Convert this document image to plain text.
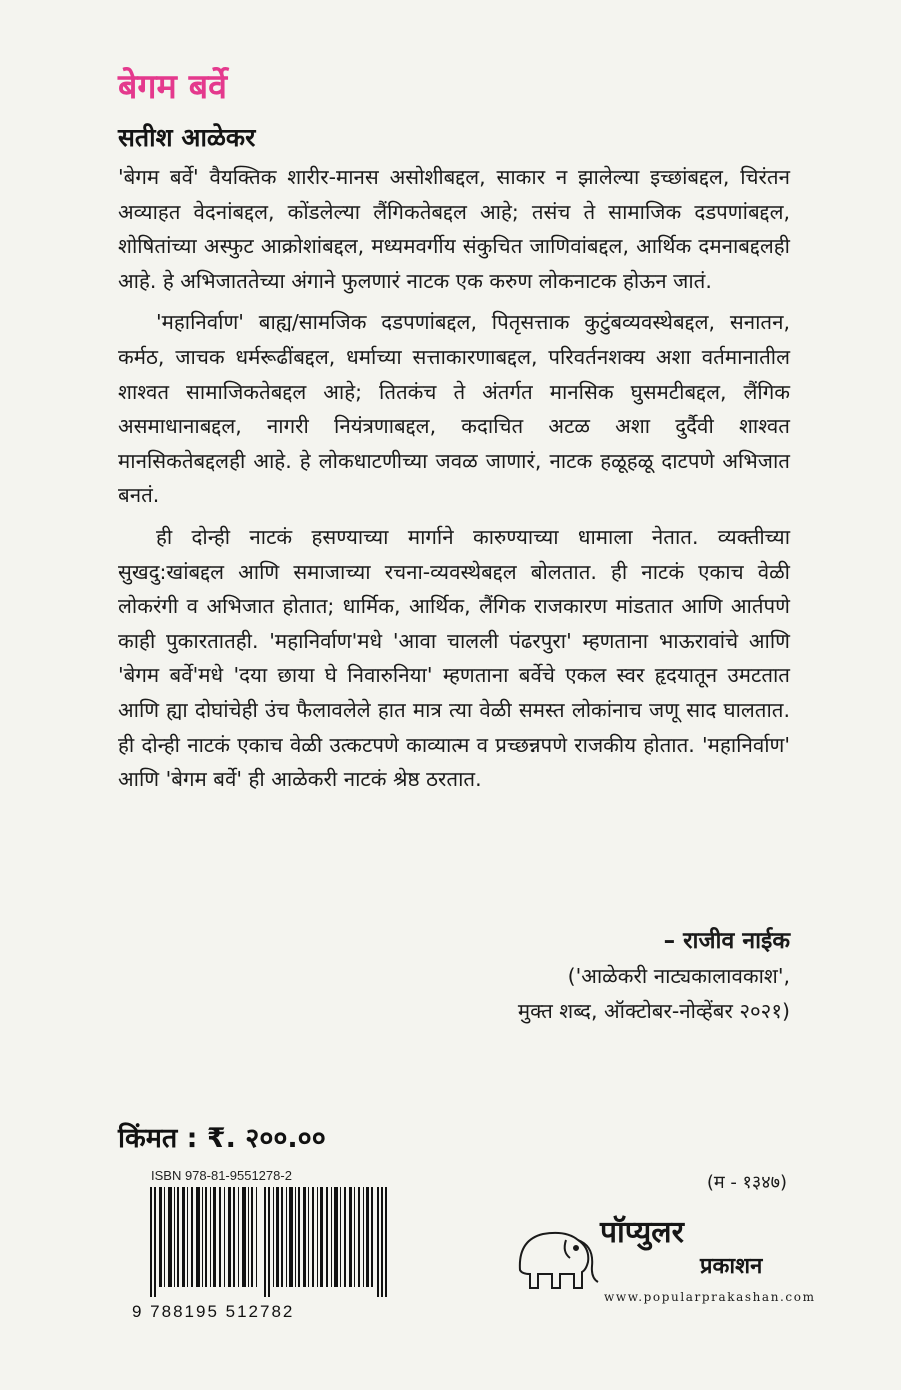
बेगम बर्वे
सतीश आळेकर

'बेगम बर्वे' वैयक्तिक शारीर-मानस असोशीबद्दल, साकार न झालेल्या इच्छांबद्दल, चिरंतन अव्याहत वेदनांबद्दल, कोंडलेल्या लैंगिकतेबद्दल आहे; तसंच ते सामाजिक दडपणांबद्दल, शोषितांच्या अस्फुट आक्रोशांबद्दल, मध्यमवर्गीय संकुचित जाणिवांबद्दल, आर्थिक दमनाबद्दलही आहे. हे अभिजाततेच्या अंगाने फुलणारं नाटक एक करुण लोकनाटक होऊन जातं.

'महानिर्वाण' बाह्य/सामजिक दडपणांबद्दल, पितृसत्ताक कुटुंबव्यवस्थेबद्दल, सनातन, कर्मठ, जाचक धर्मरूढींबद्दल, धर्माच्या सत्ताकारणाबद्दल, परिवर्तनशक्य अशा वर्तमानातील शाश्वत सामाजिकतेबद्दल आहे; तितकंच ते अंतर्गत मानसिक घुसमटीबद्दल, लैंगिक असमाधानाबद्दल, नागरी नियंत्रणाबद्दल, कदाचित अटळ अशा दुर्दैवी शाश्वत मानसिकतेबद्दलही आहे. हे लोकधाटणीच्या जवळ जाणारं, नाटक हळूहळू दाटपणे अभिजात बनतं.

ही दोन्ही नाटकं हसण्याच्या मार्गाने कारुण्याच्या धामाला नेतात. व्यक्तीच्या सुखदु:खांबद्दल आणि समाजाच्या रचना-व्यवस्थेबद्दल बोलतात. ही नाटकं एकाच वेळी लोकरंगी व अभिजात होतात; धार्मिक, आर्थिक, लैंगिक राजकारण मांडतात आणि आर्तपणे काही पुकारतातही. 'महानिर्वाण'मधे 'आवा चालली पंढरपुरा' म्हणताना भाऊरावांचे आणि 'बेगम बर्वे'मधे 'दया छाया घे निवारुनिया' म्हणताना बर्वेचे एकल स्वर हृदयातून उमटतात आणि ह्या दोघांचेही उंच फैलावलेले हात मात्र त्या वेळी समस्त लोकांनाच जणू साद घालतात. ही दोन्ही नाटकं एकाच वेळी उत्कटपणे काव्यात्म व प्रच्छन्नपणे राजकीय होतात. 'महानिर्वाण' आणि 'बेगम बर्वे' ही आळेकरी नाटकं श्रेष्ठ ठरतात.

– राजीव नाईक
('आळेकरी नाट्यकालावकाश',
मुक्त शब्द, ऑक्टोबर-नोव्हेंबर २०२१)
किंमत : ₹. २००.००
ISBN 978-81-9551278-2
9 788195 512782
(म - १३४७)
पॉप्युलर
प्रकाशन
www.popularprakashan.com
